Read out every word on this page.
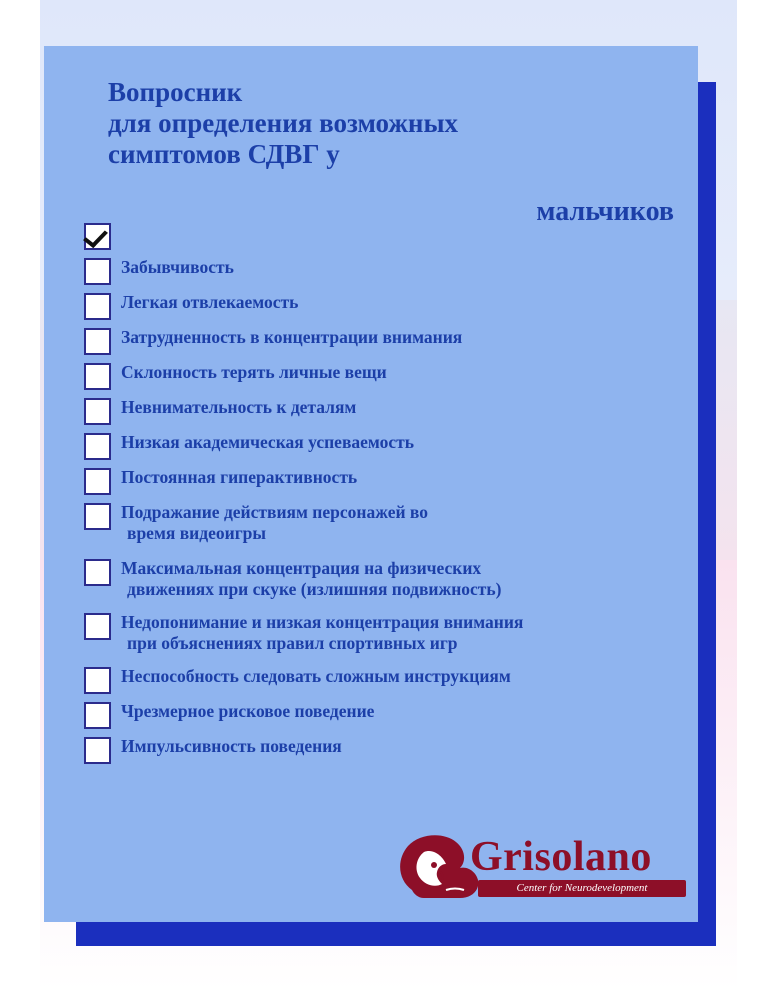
Вопросник
для определения возможных
симптомов СДВГ у
мальчиков
Забывчивость
Легкая отвлекаемость
Затрудненность в концентрации внимания
Склонность терять личные вещи
Невнимательность к деталям
Низкая академическая успеваемость
Постоянная гиперактивность
Подражание действиям персонажей во
время видеоигры
Максимальная концентрация на физических
движениях при скуке (излишняя подвижность)
Недопонимание и низкая концентрация внимания
при объяснениях правил спортивных игр
Неспособность следовать сложным инструкциям
Чрезмерное рисковое поведение
Импульсивность поведения
Grisolano
Center for Neurodevelopment
